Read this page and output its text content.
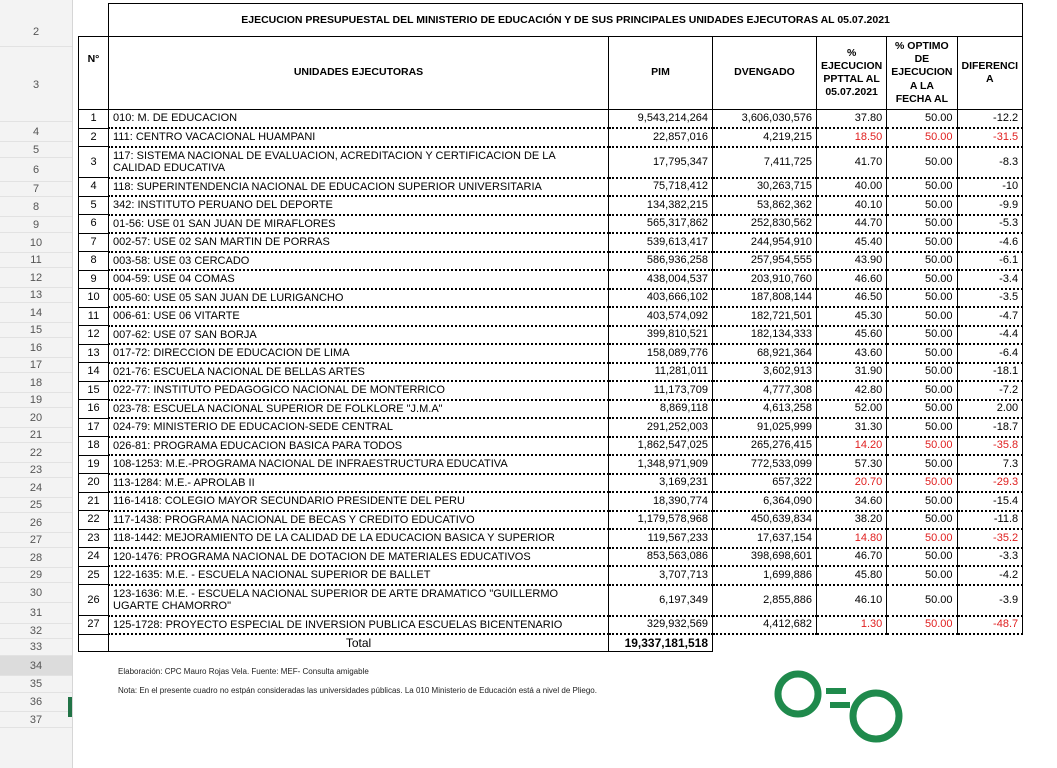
2
3
4
5
6
7
8
9
10
11
12
13
14
15
16
17
18
19
20
21
22
23
24
25
26
27
28
29
30
31
32
33
34
35
36
37
	EJECUCION PRESUPUESTAL DEL MINISTERIO DE EDUCACIÓN Y DE SUS PRINCIPALES UNIDADES EJECUTORAS AL 05.07.2021					
N°	UNIDADES EJECUTORAS	PIM	DVENGADO	% EJECUCION PPTTAL AL 05.07.2021	% OPTIMO DE EJECUCION A LA FECHA AL	DIFERENCI A
1	010: M. DE EDUCACION	9,543,214,264	3,606,030,576	37.80	50.00	-12.2
2	111: CENTRO VACACIONAL HUAMPANI	22,857,016	4,219,215	18.50	50.00	-31.5
3	117: SISTEMA NACIONAL DE EVALUACION, ACREDITACION Y CERTIFICACION DE LA CALIDAD EDUCATIVA	17,795,347	7,411,725	41.70	50.00	-8.3
4	118: SUPERINTENDENCIA NACIONAL DE EDUCACION SUPERIOR UNIVERSITARIA	75,718,412	30,263,715	40.00	50.00	-10
5	342: INSTITUTO PERUANO DEL DEPORTE	134,382,215	53,862,362	40.10	50.00	-9.9
6	01-56: USE 01 SAN JUAN DE MIRAFLORES	565,317,862	252,830,562	44.70	50.00	-5.3
7	002-57: USE 02 SAN MARTIN DE PORRAS	539,613,417	244,954,910	45.40	50.00	-4.6
8	003-58: USE 03 CERCADO	586,936,258	257,954,555	43.90	50.00	-6.1
9	004-59: USE 04 COMAS	438,004,537	203,910,760	46.60	50.00	-3.4
10	005-60: USE 05 SAN JUAN DE LURIGANCHO	403,666,102	187,808,144	46.50	50.00	-3.5
11	006-61: USE 06 VITARTE	403,574,092	182,721,501	45.30	50.00	-4.7
12	007-62: USE 07 SAN BORJA	399,810,521	182,134,333	45.60	50.00	-4.4
13	017-72: DIRECCION DE EDUCACION DE LIMA	158,089,776	68,921,364	43.60	50.00	-6.4
14	021-76: ESCUELA NACIONAL DE BELLAS ARTES	11,281,011	3,602,913	31.90	50.00	-18.1
15	022-77: INSTITUTO PEDAGOGICO NACIONAL DE MONTERRICO	11,173,709	4,777,308	42.80	50.00	-7.2
16	023-78: ESCUELA NACIONAL SUPERIOR DE FOLKLORE "J.M.A"	8,869,118	4,613,258	52.00	50.00	2.00
17	024-79: MINISTERIO DE EDUCACION-SEDE CENTRAL	291,252,003	91,025,999	31.30	50.00	-18.7
18	026-81: PROGRAMA EDUCACION BASICA PARA TODOS	1,862,547,025	265,276,415	14.20	50.00	-35.8
19	108-1253: M.E.-PROGRAMA NACIONAL DE INFRAESTRUCTURA EDUCATIVA	1,348,971,909	772,533,099	57.30	50.00	7.3
20	113-1284: M.E.- APROLAB II	3,169,231	657,322	20.70	50.00	-29.3
21	116-1418: COLEGIO MAYOR SECUNDARIO PRESIDENTE DEL PERU	18,390,774	6,364,090	34.60	50.00	-15.4
22	117-1438: PROGRAMA NACIONAL DE BECAS Y CREDITO EDUCATIVO	1,179,578,968	450,639,834	38.20	50.00	-11.8
23	118-1442: MEJORAMIENTO DE LA CALIDAD DE LA EDUCACION BASICA Y SUPERIOR	119,567,233	17,637,154	14.80	50.00	-35.2
24	120-1476: PROGRAMA NACIONAL DE DOTACION DE MATERIALES EDUCATIVOS	853,563,086	398,698,601	46.70	50.00	-3.3
25	122-1635: M.E. - ESCUELA NACIONAL SUPERIOR DE BALLET	3,707,713	1,699,886	45.80	50.00	-4.2
26	123-1636: M.E. - ESCUELA NACIONAL SUPERIOR DE ARTE DRAMATICO "GUILLERMO UGARTE CHAMORRO"	6,197,349	2,855,886	46.10	50.00	-3.9
27	125-1728: PROYECTO ESPECIAL DE INVERSION PUBLICA ESCUELAS BICENTENARIO	329,932,569	4,412,682	1.30	50.00	-48.7
	Total	19,337,181,518				
Elaboración: CPC Mauro Rojas Vela. Fuente: MEF- Consulta amigable
Nota: En el presente cuadro no estpán consideradas las universidades públicas. La 010 Ministerio de Educación está a nivel de Pliego.
